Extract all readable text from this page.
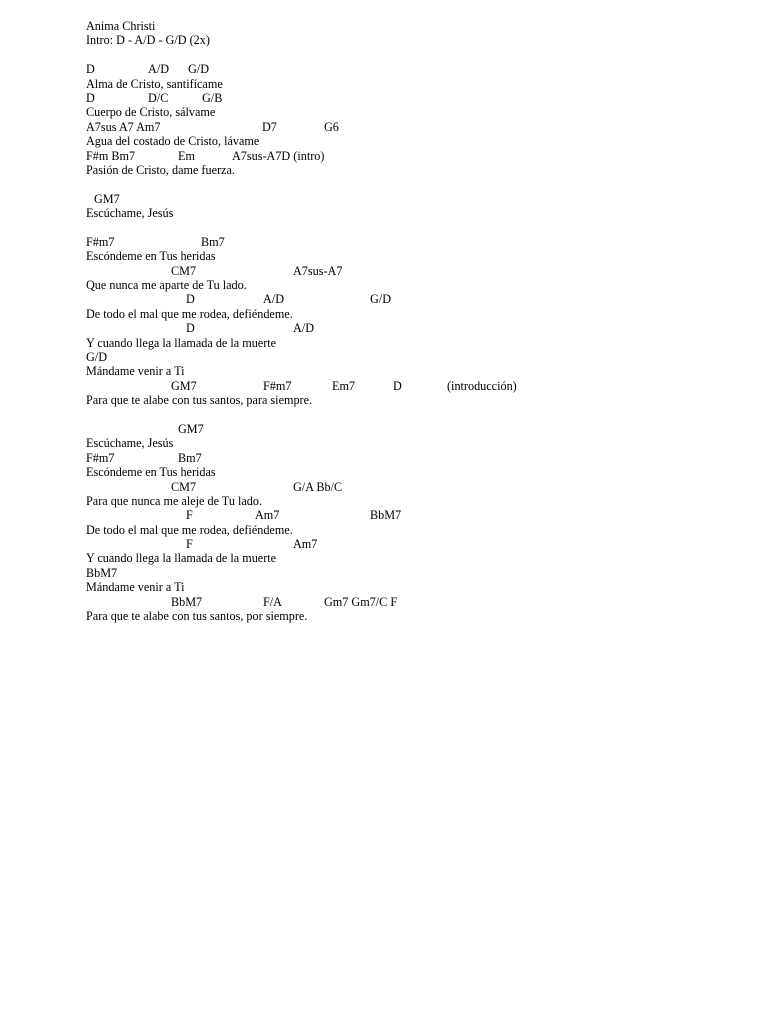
Anima Christi
Intro: D - A/D - G/D (2x)

D

	A/D

G/D

Alma de Cristo, santifícame

D

	D/C

	G/B

Cuerpo de Cristo, sálvame

A7sus A7 Am7

	D7

	G6

Agua del costado de Cristo, lávame

F#m Bm7

	Em

	A7sus-A7D (intro)

Pasión de Cristo, dame fuerza.

GM7

Escúchame, Jesús

F#m7

	Bm7

Escóndeme en Tus heridas

CM7

	A7sus-A7

Que nunca me aparte de Tu lado.

D

	A/D

	G/D

De todo el mal que me rodea, defiéndeme.

D

	A/D

Y cuando llega la llamada de la muerte

G/D

Mándame venir a Ti

GM7

	F#m7

	Em7

	D

	(introducción)

Para que te alabe con tus santos, para siempre.

GM7

Escúchame, Jesús

F#m7

	Bm7

Escóndeme en Tus heridas

CM7

	G/A Bb/C

Para que nunca me aleje de Tu lado.

F

	Am7

	BbM7

De todo el mal que me rodea, defiéndeme.

F

	Am7

Y cuando llega la llamada de la muerte

BbM7

Mándame venir a Ti

BbM7

	F/A

	Gm7 Gm7/C F

Para que te alabe con tus santos, por siempre.
